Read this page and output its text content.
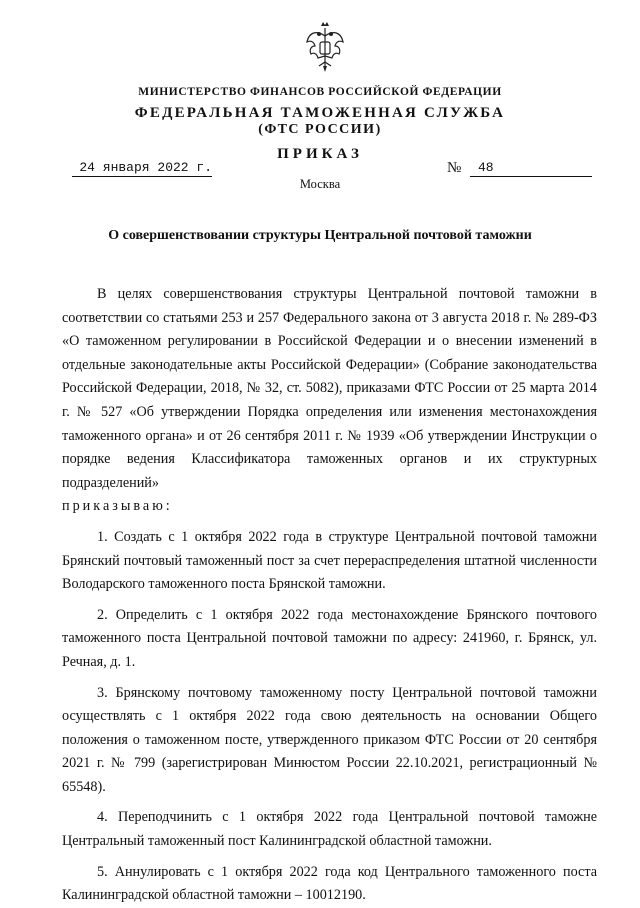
МИНИСТЕРСТВО ФИНАНСОВ РОССИЙСКОЙ ФЕДЕРАЦИИ
ФЕДЕРАЛЬНАЯ ТАМОЖЕННАЯ СЛУЖБА
(ФТС РОССИИ)
ПРИКАЗ
24 января 2022 г.	№	48
Москва
О совершенствовании структуры Центральной почтовой таможни

В целях совершенствования структуры Центральной почтовой таможни в соответствии со статьями 253 и 257 Федерального закона от 3 августа 2018 г. № 289-ФЗ «О таможенном регулировании в Российской Федерации и о внесении изменений в отдельные законодательные акты Российской Федерации» (Собрание законодательства Российской Федерации, 2018, № 32, ст. 5082), приказами ФТС России от 25 марта 2014 г. № 527 «Об утверждении Порядка определения или изменения местонахождения таможенного органа» и от 26 сентября 2011 г. № 1939 «Об утверждении Инструкции о порядке ведения Классификатора таможенных органов и их структурных подразделений»

приказываю:

1. Создать с 1 октября 2022 года в структуре Центральной почтовой таможни Брянский почтовый таможенный пост за счет перераспределения штатной численности Володарского таможенного поста Брянской таможни.

2. Определить с 1 октября 2022 года местонахождение Брянского почтового таможенного поста Центральной почтовой таможни по адресу: 241960, г. Брянск, ул. Речная, д. 1.

3. Брянскому почтовому таможенному посту Центральной почтовой таможни осуществлять с 1 октября 2022 года свою деятельность на основании Общего положения о таможенном посте, утвержденного приказом ФТС России от 20 сентября 2021 г. № 799 (зарегистрирован Минюстом России 22.10.2021, регистрационный № 65548).

4. Переподчинить с 1 октября 2022 года Центральной почтовой таможне Центральный таможенный пост Калининградской областной таможни.

5. Аннулировать с 1 октября 2022 года код Центрального таможенного поста Калининградской областной таможни – 10012190.
